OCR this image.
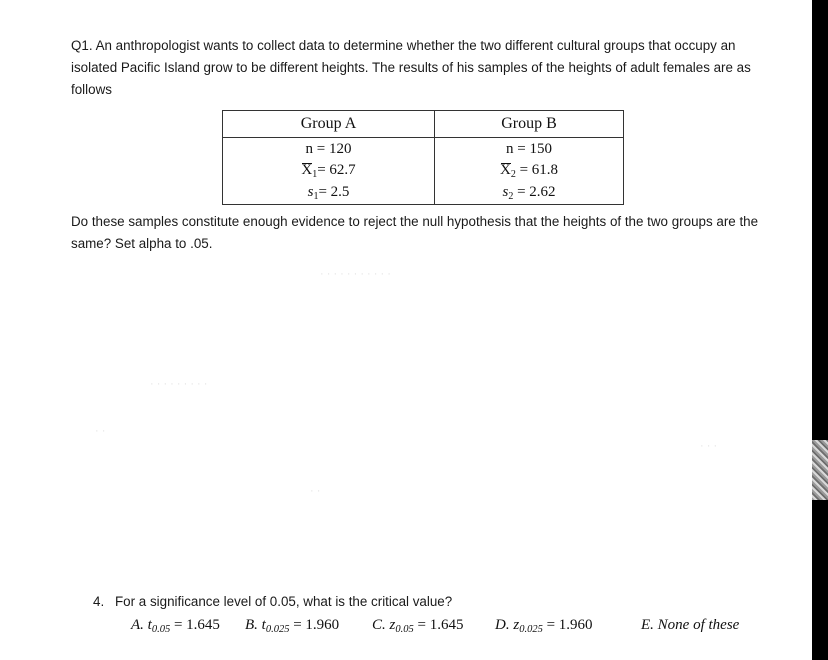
Q1. An anthropologist wants to collect data to determine whether the two different cultural groups that occupy an isolated Pacific Island grow to be different heights. The results of his samples of the heights of adult females are as follows
Group A	Group B
n = 120	n = 150
$X_1= 62.7$	$X_2 = 61.8$
$s_1= 2.5$	$s_2 = 2.62$
Do these samples constitute enough evidence to reject the null hypothesis that the heights of the two groups are the same? Set alpha to .05.
· · · · · · · · · · ·
· · · · · · · · ·
· ·
· · ·
· ·
4. For a significance level of 0.05, what is the critical value?
A. $t_{0.05} = 1.645$ B. $t_{0.025} = 1.960$ C. $z_{0.05} = 1.645$ D. $z_{0.025} = 1.960$	E. None of these
